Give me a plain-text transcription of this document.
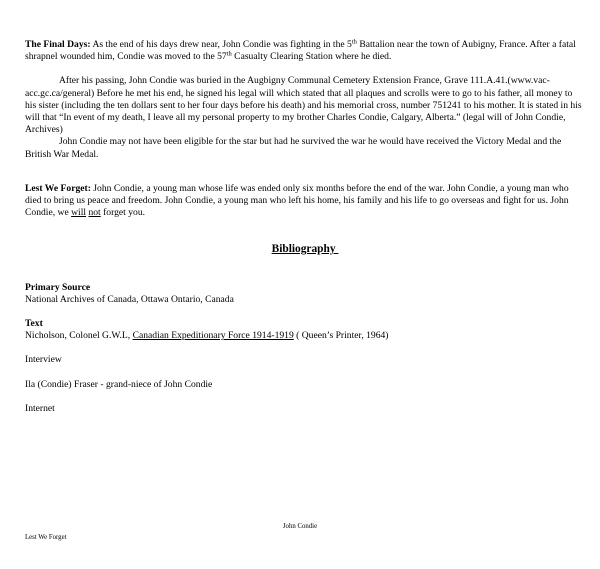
The Final Days: As the end of his days drew near, John Condie was fighting in the 5th Battalion near the town of Aubigny, France. After a fatal shrapnel wounded him, Condie was moved to the 57th Casualty Clearing Station where he died.

After his passing, John Condie was buried in the Augbigny Communal Cemetery Extension France, Grave 111.A.41.(www.vac-acc.gc.ca/general) Before he met his end, he signed his legal will which stated that all plaques and scrolls were to go to his father, all money to his sister (including the ten dollars sent to her four days before his death) and his memorial cross, number 751241 to his mother. It is stated in his will that “In event of my death, I leave all my personal property to my brother Charles Condie, Calgary, Alberta.” (legal will of John Condie, Archives)

John Condie may not have been eligible for the star but had he survived the war he would have received the Victory Medal and the British War Medal.

Lest We Forget: John Condie, a young man whose life was ended only six months before the end of the war. John Condie, a young man who died to bring us peace and freedom. John Condie, a young man who left his home, his family and his life to go overseas and fight for us. John Condie, we will not forget you.

Bibliography

Primary Source

National Archives of Canada, Ottawa Ontario, Canada

Text

Nicholson, Colonel G.W.L, Canadian Expeditionary Force 1914-1919 ( Queen’s Printer, 1964)

Interview

Ila (Condie) Fraser - grand-niece of John Condie

Internet

John Condie
Lest We Forget
